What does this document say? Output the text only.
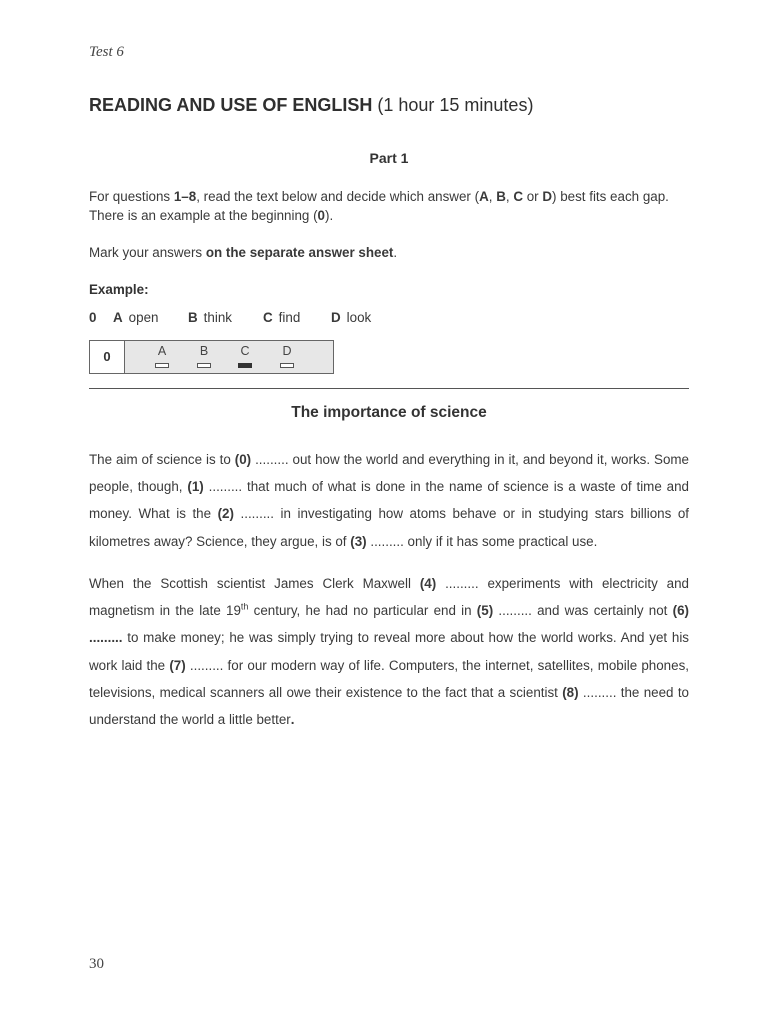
Test 6
READING AND USE OF ENGLISH (1 hour 15 minutes)
Part 1
For questions 1–8, read the text below and decide which answer (A, B, C or D) best fits each gap. There is an example at the beginning (0).
Mark your answers on the separate answer sheet.
Example:
0	A open B think C find D look
0	A	B	C	D
The importance of science

The aim of science is to (0) ......... out how the world and everything in it, and beyond it, works. Some people, though, (1) ......... that much of what is done in the name of science is a waste of time and money. What is the (2) ......... in investigating how atoms behave or in studying stars billions of kilometres away? Science, they argue, is of (3) ......... only if it has some practical use.

When the Scottish scientist James Clerk Maxwell (4) ......... experiments with electricity and magnetism in the late 19th century, he had no particular end in (5) ......... and was certainly not (6) ......... to make money; he was simply trying to reveal more about how the world works. And yet his work laid the (7) ......... for our modern way of life. Computers, the internet, satellites, mobile phones, televisions, medical scanners all owe their existence to the fact that a scientist (8) ......... the need to understand the world a little better.

30
